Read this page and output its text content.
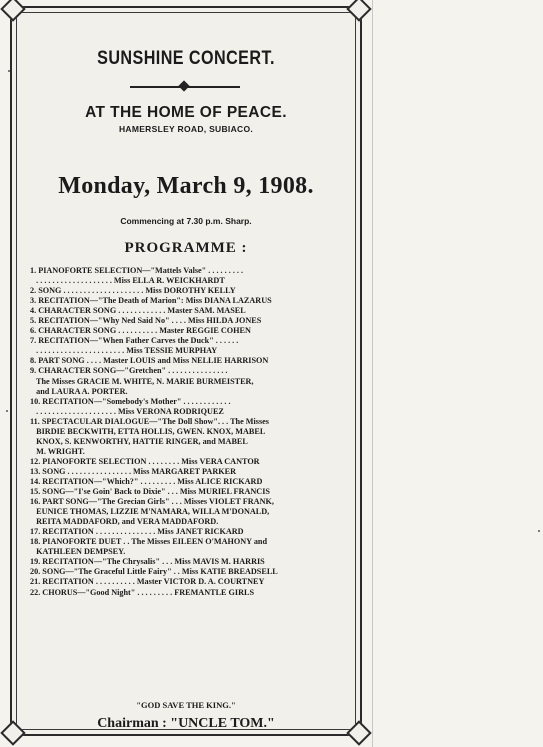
SUNSHINE CONCERT.
AT THE HOME OF PEACE.
HAMERSLEY ROAD, SUBIACO.
Monday, March 9, 1908.
Commencing at 7.30 p.m. Sharp.
PROGRAMME :
1. PIANOFORTE SELECTION—"Mattels Valse" . . . . . . . . .
. . . . . . . . . . . . . . . . . . . Miss ELLA R. WEICKHARDT
2. SONG . . . . . . . . . . . . . . . . . . . . Miss DOROTHY KELLY
3. RECITATION—"The Death of Marion": Miss DIANA LAZARUS
4. CHARACTER SONG . . . . . . . . . . . . Master SAM. MASEL
5. RECITATION—"Why Ned Said No" . . . . Miss HILDA JONES
6. CHARACTER SONG . . . . . . . . . . Master REGGIE COHEN
7. RECITATION—"When Father Carves the Duck" . . . . . .
. . . . . . . . . . . . . . . . . . . . . . Miss TESSIE MURPHAY
8. PART SONG . . . . Master LOUIS and Miss NELLIE HARRISON
9. CHARACTER SONG—"Gretchen" . . . . . . . . . . . . . . .
The Misses GRACIE M. WHITE, N. MARIE BURMEISTER,
and LAURA A. PORTER.
10. RECITATION—"Somebody's Mother" . . . . . . . . . . . .
. . . . . . . . . . . . . . . . . . . . Miss VERONA RODRIQUEZ
11. SPECTACULAR DIALOGUE—"The Doll Show". . . The Misses
BIRDIE BECKWITH, ETTA HOLLIS, GWEN. KNOX, MABEL
KNOX, S. KENWORTHY, HATTIE RINGER, and MABEL
M. WRIGHT.
12. PIANOFORTE SELECTION . . . . . . . . Miss VERA CANTOR
13. SONG . . . . . . . . . . . . . . . . Miss MARGARET PARKER
14. RECITATION—"Which?" . . . . . . . . . Miss ALICE RICKARD
15. SONG—"I'se Goin' Back to Dixie" . . . Miss MURIEL FRANCIS
16. PART SONG—"The Grecian Girls" . . . Misses VIOLET FRANK,
EUNICE THOMAS, LIZZIE M'NAMARA, WILLA M'DONALD,
REITA MADDAFORD, and VERA MADDAFORD.
17. RECITATION . . . . . . . . . . . . . . . Miss JANET RICKARD
18. PIANOFORTE DUET . . The Misses EILEEN O'MAHONY and
KATHLEEN DEMPSEY.
19. RECITATION—"The Chrysalis" . . . Miss MAVIS M. HARRIS
20. SONG—"The Graceful Little Fairy" . . Miss KATIE BREADSELL
21. RECITATION . . . . . . . . . . Master VICTOR D. A. COURTNEY
22. CHORUS—"Good Night" . . . . . . . . . FREMANTLE GIRLS
"GOD SAVE THE KING."
Chairman : "UNCLE TOM."
